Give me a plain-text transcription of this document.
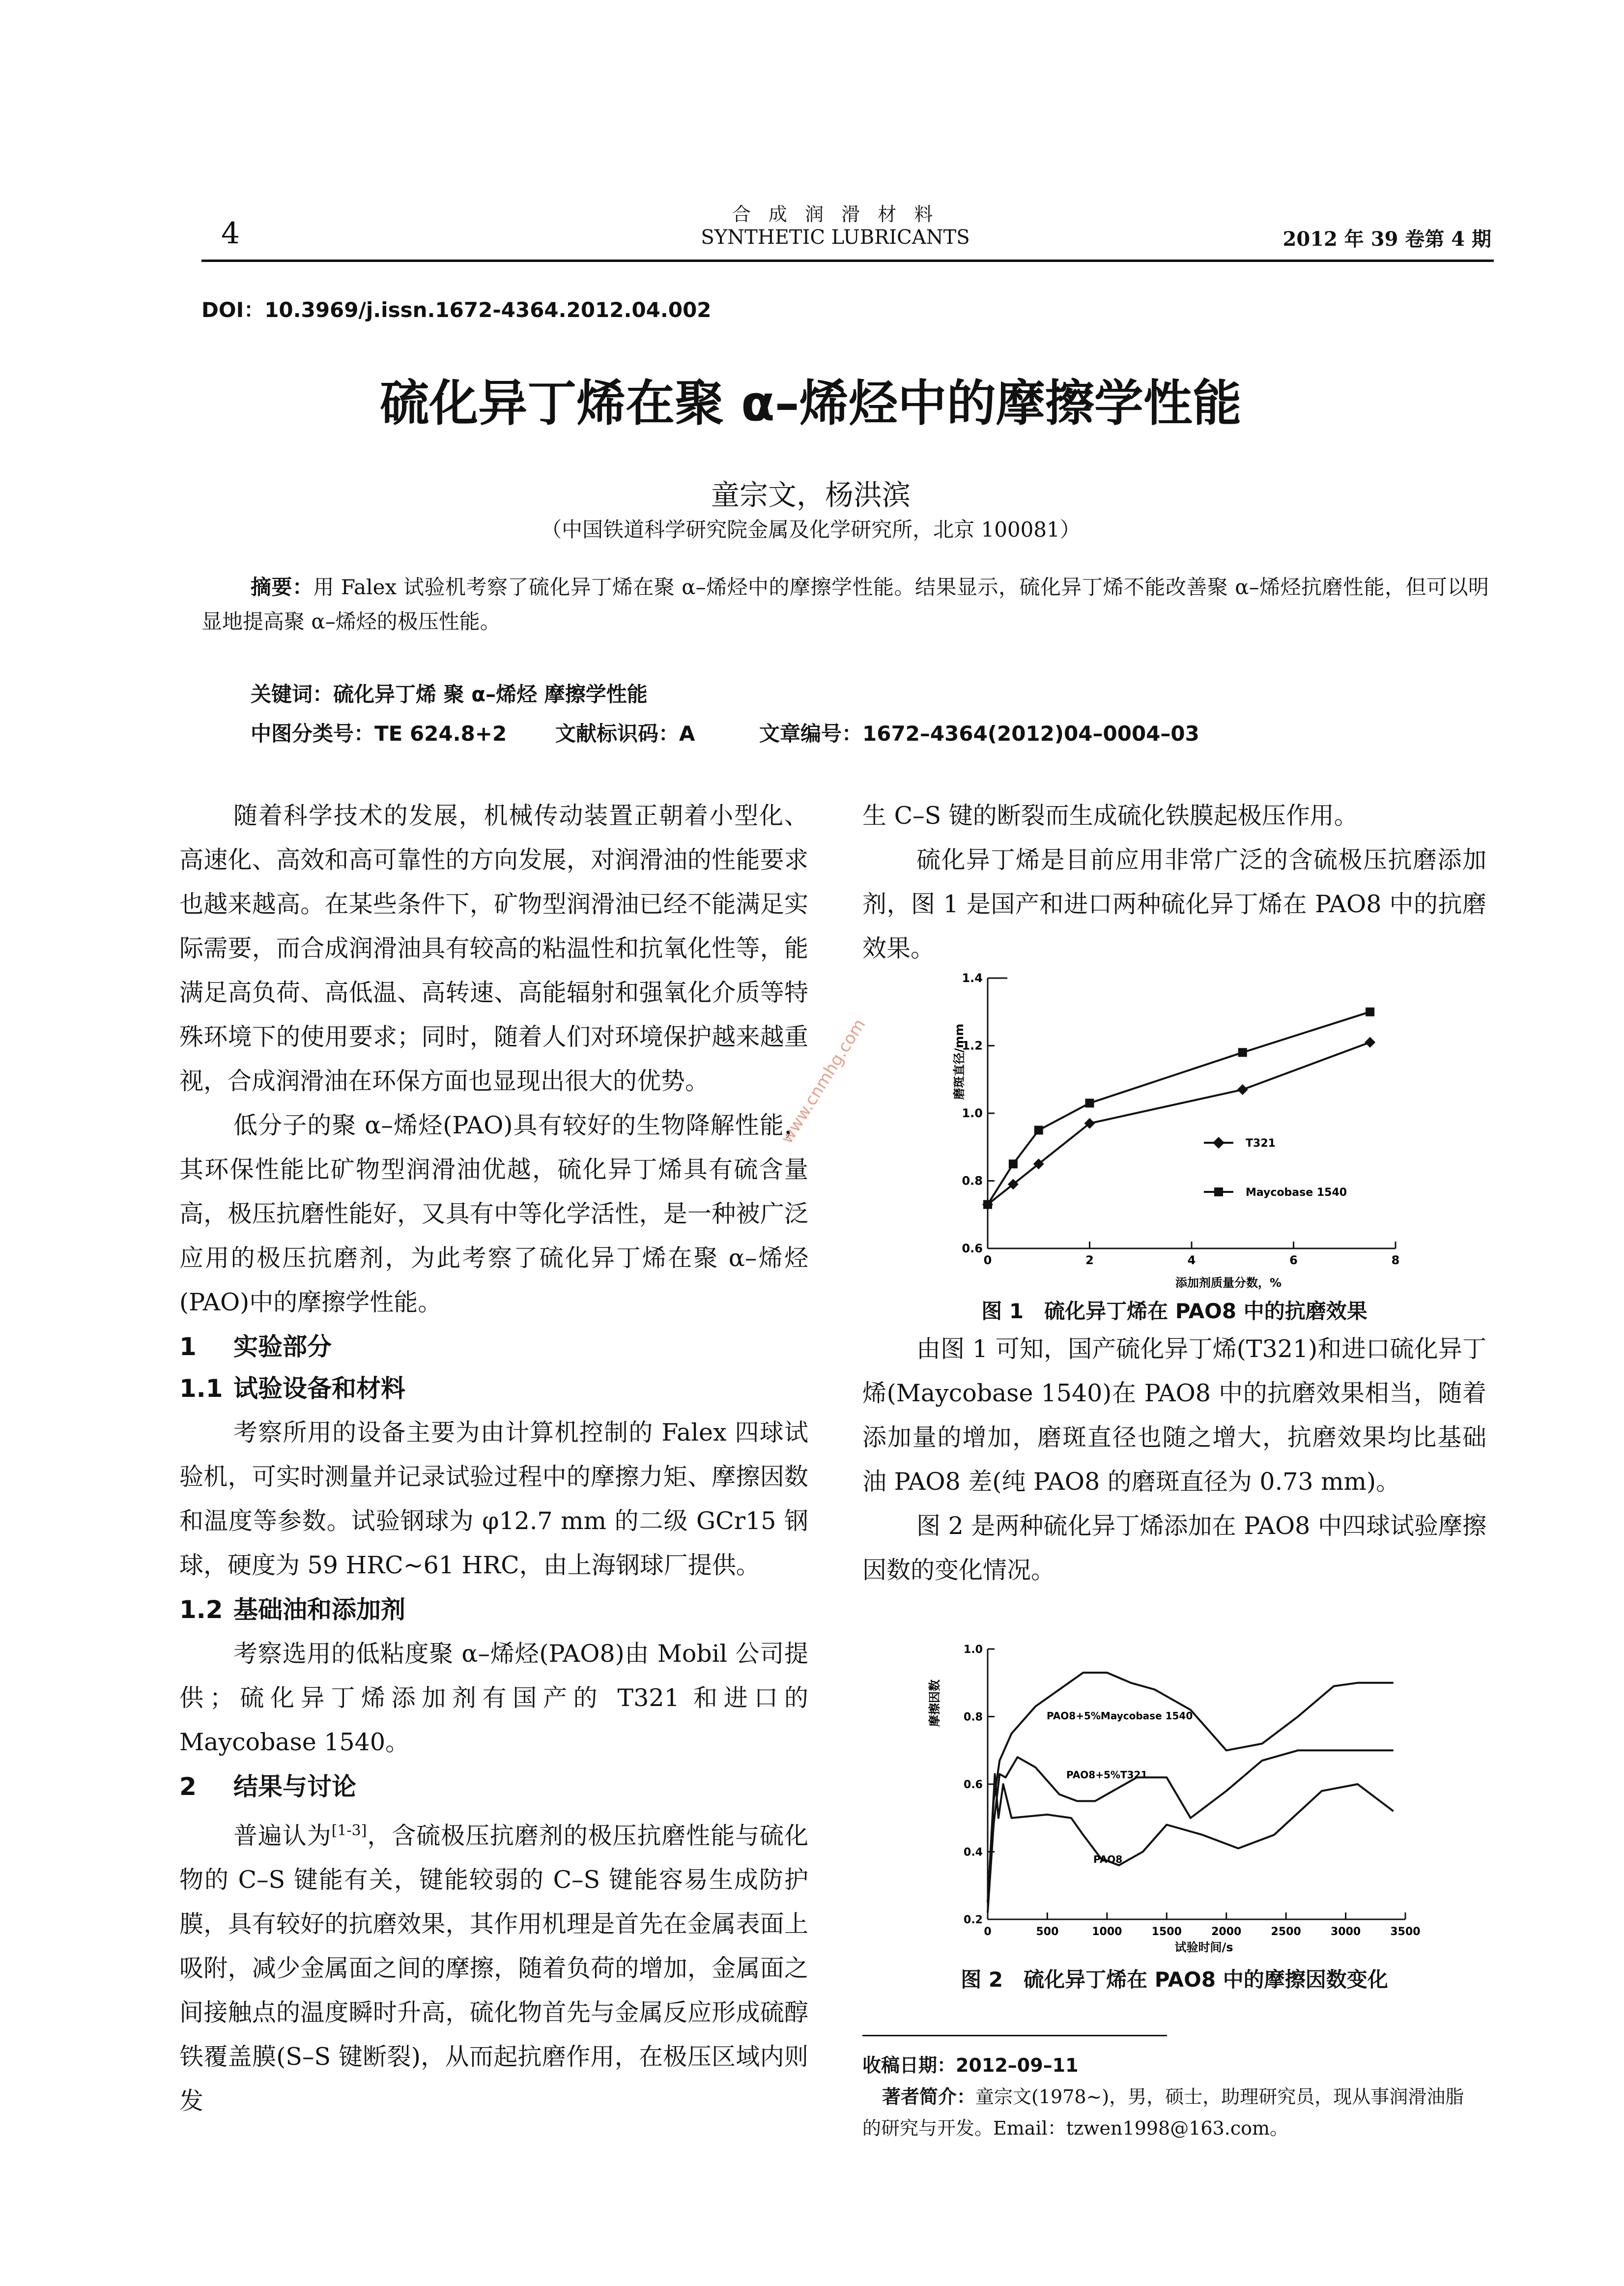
合 成 润 滑 材 料
SYNTHETIC LUBRICANTS
4	2012 年 39 卷第 4 期
DOI：10.3969/j.issn.1672-4364.2012.04.002
硫化异丁烯在聚 α–烯烃中的摩擦学性能
童宗文，杨洪滨
（中国铁道科学研究院金属及化学研究所，北京 100081）
摘要：用 Falex 试验机考察了硫化异丁烯在聚 α–烯烃中的摩擦学性能。结果显示，硫化异丁烯不能改善聚 α–烯烃抗磨性能，但可以明显地提高聚 α–烯烃的极压性能。
关键词：硫化异丁烯 聚 α–烯烃 摩擦学性能
中图分类号：TE 624.8+2 文献标识码：A	文章编号：1672–4364(2012)04–0004–03

随着科学技术的发展，机械传动装置正朝着小型化、高速化、高效和高可靠性的方向发展，对润滑油的性能要求也越来越高。在某些条件下，矿物型润滑油已经不能满足实际需要，而合成润滑油具有较高的粘温性和抗氧化性等，能满足高负荷、高低温、高转速、高能辐射和强氧化介质等特殊环境下的使用要求；同时，随着人们对环境保护越来越重视，合成润滑油在环保方面也显现出很大的优势。

低分子的聚 α–烯烃(PAO)具有较好的生物降解性能，其环保性能比矿物型润滑油优越，硫化异丁烯具有硫含量高，极压抗磨性能好，又具有中等化学活性，是一种被广泛应用的极压抗磨剂，为此考察了硫化异丁烯在聚 α–烯烃(PAO)中的摩擦学性能。

1 实验部分
1.1 试验设备和材料

考察所用的设备主要为由计算机控制的 Falex 四球试验机，可实时测量并记录试验过程中的摩擦力矩、摩擦因数和温度等参数。试验钢球为 φ12.7 mm 的二级 GCr15 钢球，硬度为 59 HRC~61 HRC，由上海钢球厂提供。

1.2 基础油和添加剂

考察选用的低粘度聚 α–烯烃(PAO8)由 Mobil 公司提供；硫化异丁烯添加剂有国产的 T321 和进口的 Maycobase 1540。

2 结果与讨论

普遍认为[1-3]，含硫极压抗磨剂的极压抗磨性能与硫化物的 C–S 键能有关，键能较弱的 C–S 键能容易生成防护膜，具有较好的抗磨效果，其作用机理是首先在金属表面上吸附，减少金属面之间的摩擦，随着负荷的增加，金属面之间接触点的温度瞬时升高，硫化物首先与金属反应形成硫醇铁覆盖膜(S–S 键断裂)，从而起抗磨作用，在极压区域内则发

生 C–S 键的断裂而生成硫化铁膜起极压作用。

硫化异丁烯是目前应用非常广泛的含硫极压抗磨添加剂，图 1 是国产和进口两种硫化异丁烯在 PAO8 中的抗磨效果。

0	2	4	6	8
0.6
0.8
1.0
1.2
1.4
添加剂质量分数，%
磨斑直径/mm
T321
Maycobase 1540
图 1　硫化异丁烯在 PAO8 中的抗磨效果

由图 1 可知，国产硫化异丁烯(T321)和进口硫化异丁烯(Maycobase 1540)在 PAO8 中的抗磨效果相当，随着添加量的增加，磨斑直径也随之增大，抗磨效果均比基础油 PAO8 差(纯 PAO8 的磨斑直径为 0.73 mm)。

图 2 是两种硫化异丁烯添加在 PAO8 中四球试验摩擦因数的变化情况。

0	500	1000	1500	2000	2500	3000	3500
0.2
0.4
0.6
0.8
1.0
试验时间/s
摩擦因数	PAO8+5%Maycobase 1540
PAO8+5%T321
PAO8
图 2　硫化异丁烯在 PAO8 中的摩擦因数变化
收稿日期：2012–09–11
著者简介：童宗文(1978~)，男，硕士，助理研究员，现从事润滑油脂的研究与开发。Email：tzwen1998@163.com。
www.cnmhg.com
